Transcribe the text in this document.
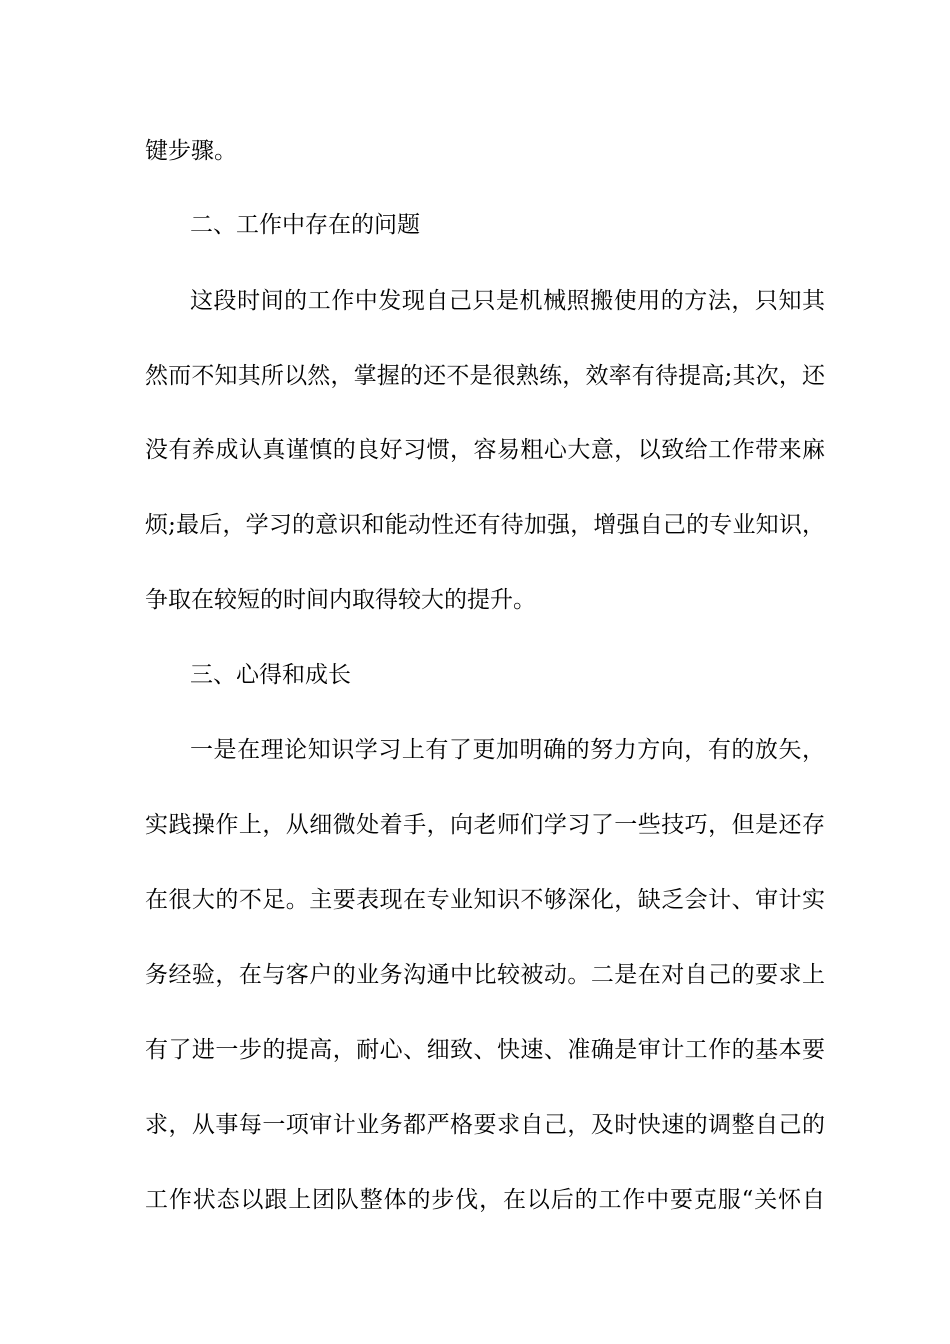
键步骤。
二、工作中存在的问题
这段时间的工作中发现自己只是机械照搬使用的方法，只知其
然而不知其所以然，掌握的还不是很熟练，效率有待提高;其次，还
没有养成认真谨慎的良好习惯，容易粗心大意，以致给工作带来麻
烦;最后，学习的意识和能动性还有待加强，增强自己的专业知识，
争取在较短的时间内取得较大的提升。
三、心得和成长
一是在理论知识学习上有了更加明确的努力方向，有的放矢，
实践操作上，从细微处着手，向老师们学习了一些技巧，但是还存
在很大的不足。主要表现在专业知识不够深化，缺乏会计、审计实
务经验，在与客户的业务沟通中比较被动。二是在对自己的要求上
有了进一步的提高，耐心、细致、快速、准确是审计工作的基本要
求，从事每一项审计业务都严格要求自己，及时快速的调整自己的
工作状态以跟上团队整体的步伐，在以后的工作中要克服“关怀自
